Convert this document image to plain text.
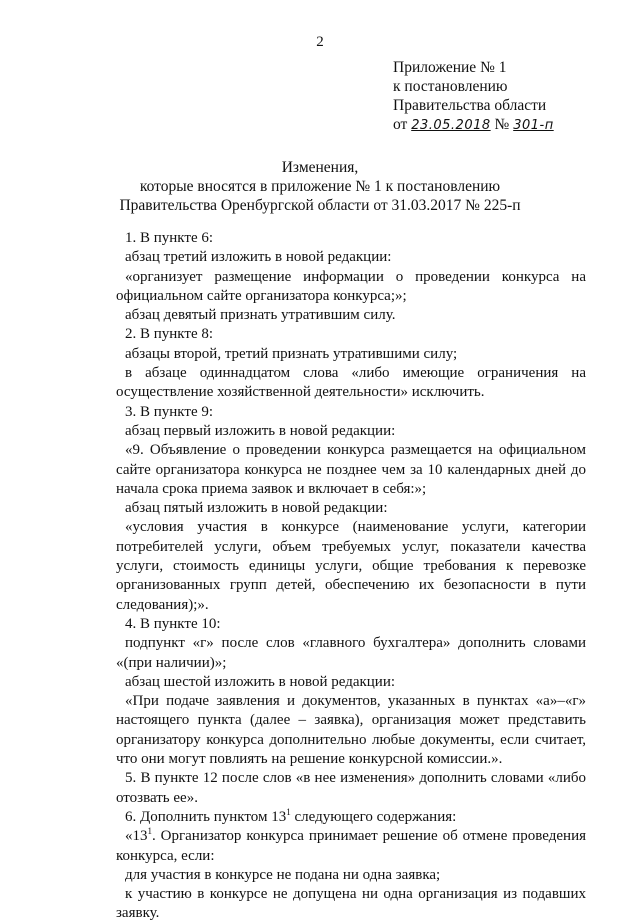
2
Приложение № 1
к постановлению
Правительства области
от 23.05.2018 № 301-п
Изменения,
которые вносятся в приложение № 1 к постановлению
Правительства Оренбургской области от 31.03.2017 № 225-п

1. В пункте 6:

абзац третий изложить в новой редакции:

«организует размещение информации о проведении конкурса на официальном сайте организатора конкурса;»;

абзац девятый признать утратившим силу.

2. В пункте 8:

абзацы второй, третий признать утратившими силу;

в абзаце одиннадцатом слова «либо имеющие ограничения на осуществление хозяйственной деятельности» исключить.

3. В пункте 9:

абзац первый изложить в новой редакции:

«9. Объявление о проведении конкурса размещается на официальном сайте организатора конкурса не позднее чем за 10 календарных дней до начала срока приема заявок и включает в себя:»;

абзац пятый изложить в новой редакции:

«условия участия в конкурсе (наименование услуги, категории потребителей услуги, объем требуемых услуг, показатели качества услуги, стоимость единицы услуги, общие требования к перевозке организованных групп детей, обеспечению их безопасности в пути следования);».

4. В пункте 10:

подпункт «г» после слов «главного бухгалтера» дополнить словами «(при наличии)»;

абзац шестой изложить в новой редакции:

«При подаче заявления и документов, указанных в пунктах «а»–«г» настоящего пункта (далее – заявка), организация может представить организатору конкурса дополнительно любые документы, если считает, что они могут повлиять на решение конкурсной комиссии.».

5. В пункте 12 после слов «в нее изменения» дополнить словами «либо отозвать ее».

6. Дополнить пунктом $13^1$ следующего содержания:

«$13^1$. Организатор конкурса принимает решение об отмене проведения конкурса, если:

для участия в конкурсе не подана ни одна заявка;

к участию в конкурсе не допущена ни одна организация из подавших заявку.
